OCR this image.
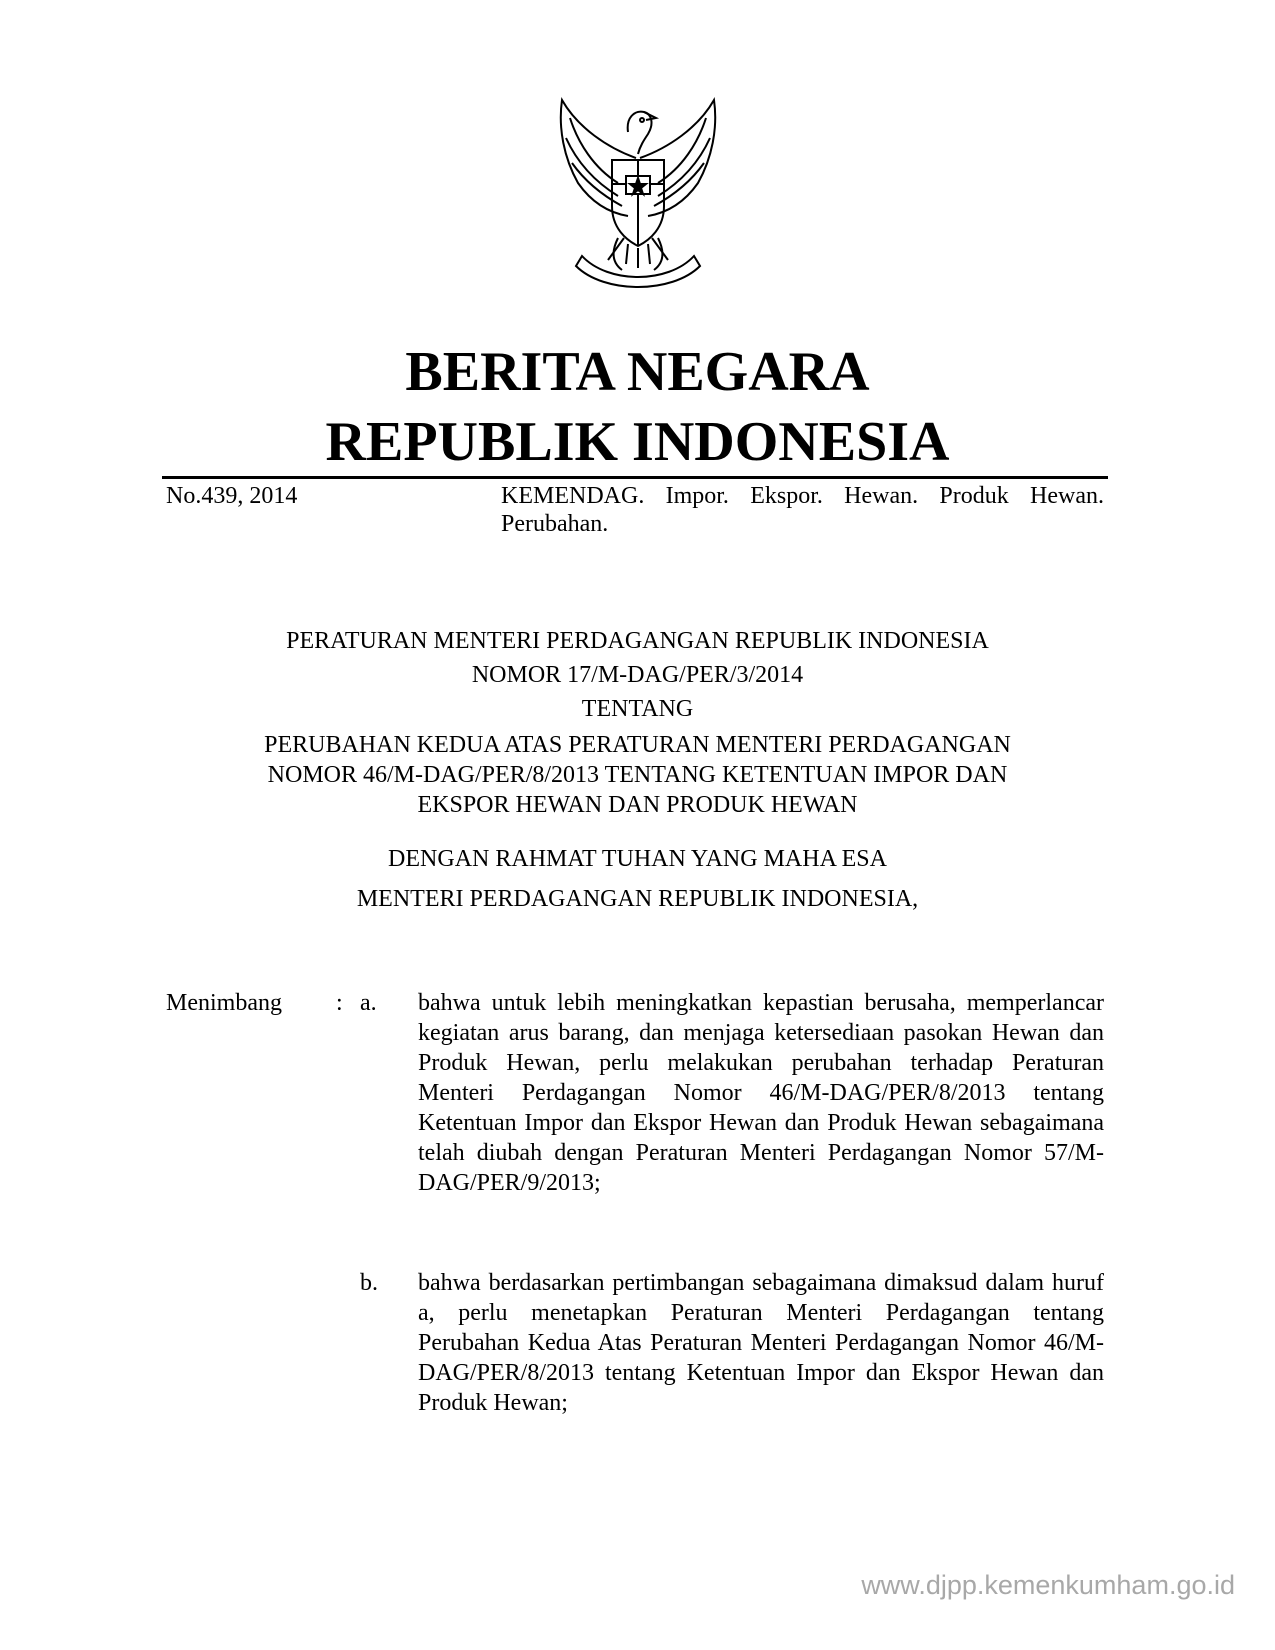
BERITA NEGARA
REPUBLIK INDONESIA
No.439, 2014	KEMENDAG. Impor. Ekspor. Hewan. Produk Hewan. Perubahan.
PERATURAN MENTERI PERDAGANGAN REPUBLIK INDONESIA
NOMOR 17/M-DAG/PER/3/2014
TENTANG
PERUBAHAN KEDUA ATAS PERATURAN MENTERI PERDAGANGAN
NOMOR 46/M-DAG/PER/8/2013 TENTANG KETENTUAN IMPOR DAN
EKSPOR HEWAN DAN PRODUK HEWAN
DENGAN RAHMAT TUHAN YANG MAHA ESA
MENTERI PERDAGANGAN REPUBLIK INDONESIA,
Menimbang : a. bahwa untuk lebih meningkatkan kepastian berusaha, memperlancar kegiatan arus barang, dan menjaga ketersediaan pasokan Hewan dan Produk Hewan, perlu melakukan perubahan terhadap Peraturan Menteri Perdagangan Nomor 46/M-DAG/PER/8/2013 tentang Ketentuan Impor dan Ekspor Hewan dan Produk Hewan sebagaimana telah diubah dengan Peraturan Menteri Perdagangan Nomor 57/M-DAG/PER/9/2013;
b. bahwa berdasarkan pertimbangan sebagaimana dimaksud dalam huruf a, perlu menetapkan Peraturan Menteri Perdagangan tentang Perubahan Kedua Atas Peraturan Menteri Perdagangan Nomor 46/M-DAG/PER/8/2013 tentang Ketentuan Impor dan Ekspor Hewan dan Produk Hewan;
www.djpp.kemenkumham.go.id
